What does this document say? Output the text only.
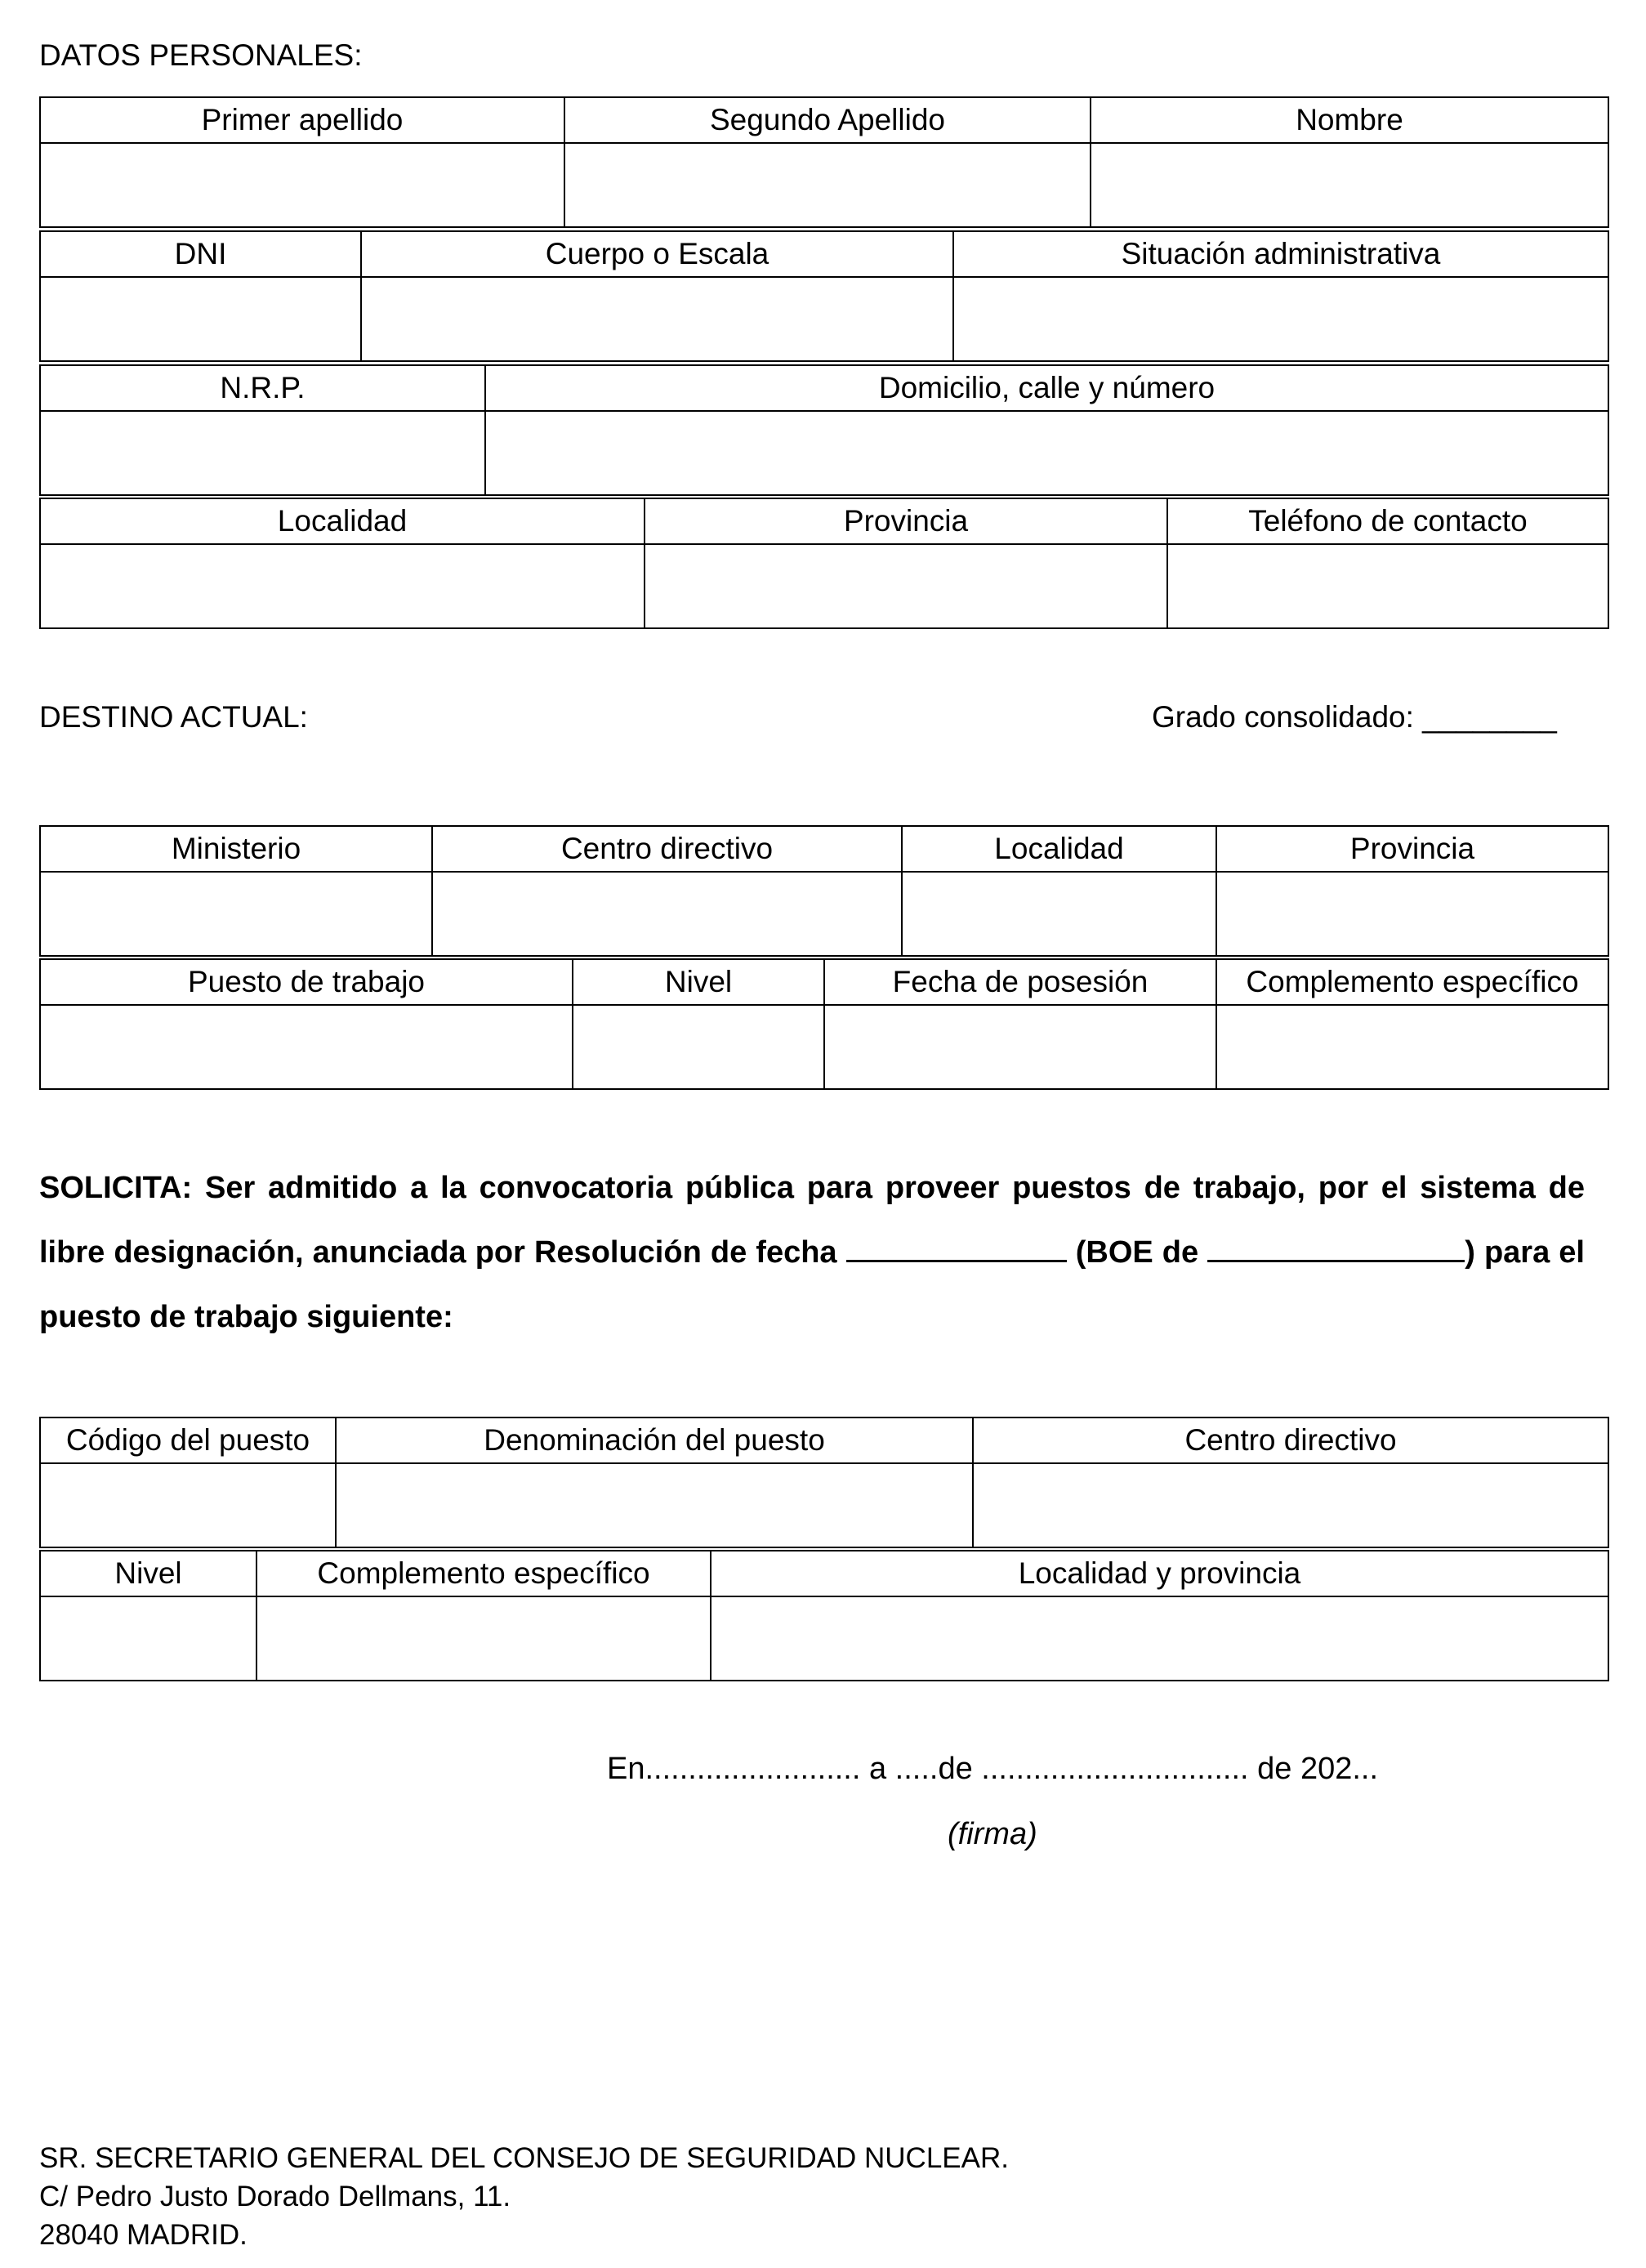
DATOS PERSONALES:
Primer apellido	Segundo Apellido	Nombre

DNI	Cuerpo o Escala	Situación administrativa

N.R.P.	Domicilio, calle y número

Localidad	Provincia	Teléfono de contacto

DESTINO ACTUAL:	Grado consolidado: ________
Ministerio	Centro directivo	Localidad	Provincia

Puesto de trabajo	Nivel	Fecha de posesión	Complemento específico

SOLICITA: Ser admitido a la convocatoria pública para proveer puestos de trabajo, por el sistema de libre designación, anunciada por Resolución de fecha	(BOE de	) para el puesto de trabajo siguiente:
Código del puesto	Denominación del puesto	Centro directivo

Nivel	Complemento específico	Localidad y provincia

En......................... a .....de ............................... de 202...
(firma)
SR. SECRETARIO GENERAL DEL CONSEJO DE SEGURIDAD NUCLEAR.
C/ Pedro Justo Dorado Dellmans, 11.
28040 MADRID.
